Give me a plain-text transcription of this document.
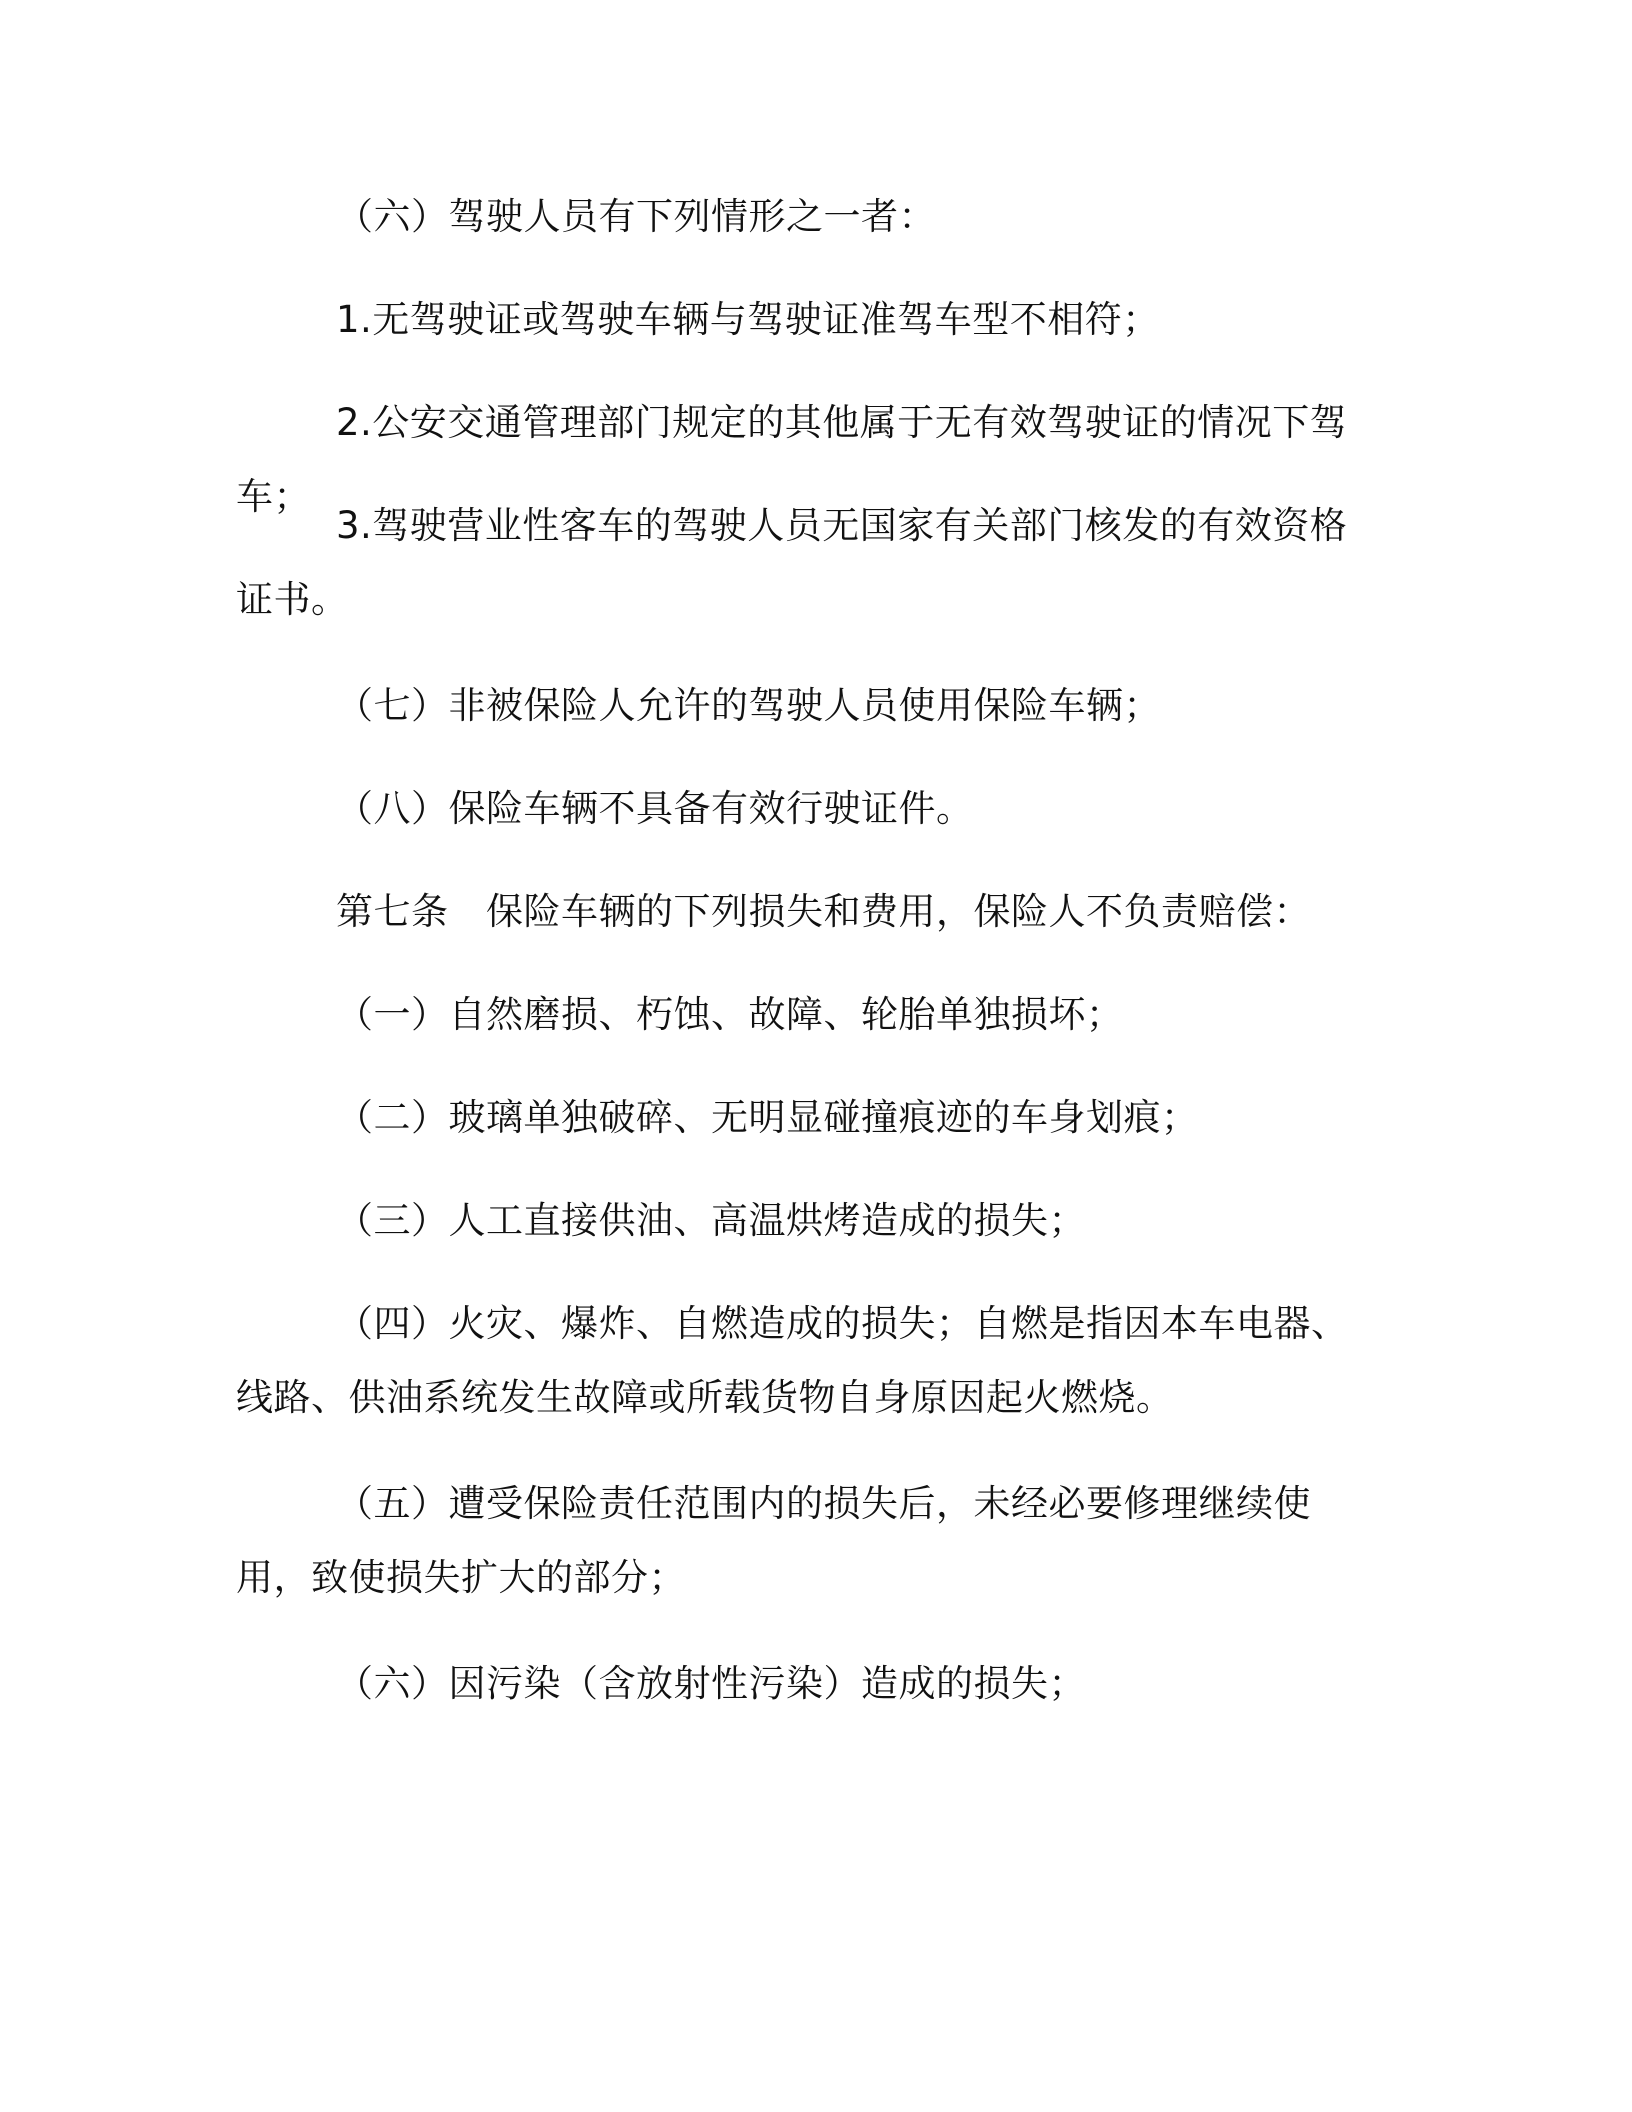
（六）驾驶人员有下列情形之一者：

1.无驾驶证或驾驶车辆与驾驶证准驾车型不相符；

2.公安交通管理部门规定的其他属于无有效驾驶证的情况下驾车；

3.驾驶营业性客车的驾驶人员无国家有关部门核发的有效资格证书。

（七）非被保险人允许的驾驶人员使用保险车辆；

（八）保险车辆不具备有效行驶证件。

第七条　保险车辆的下列损失和费用，保险人不负责赔偿：

（一）自然磨损、朽蚀、故障、轮胎单独损坏；

（二）玻璃单独破碎、无明显碰撞痕迹的车身划痕；

（三）人工直接供油、高温烘烤造成的损失；

（四）火灾、爆炸、自燃造成的损失；自燃是指因本车电器、线路、供油系统发生故障或所载货物自身原因起火燃烧。

（五）遭受保险责任范围内的损失后，未经必要修理继续使用，致使损失扩大的部分；

（六）因污染（含放射性污染）造成的损失；
